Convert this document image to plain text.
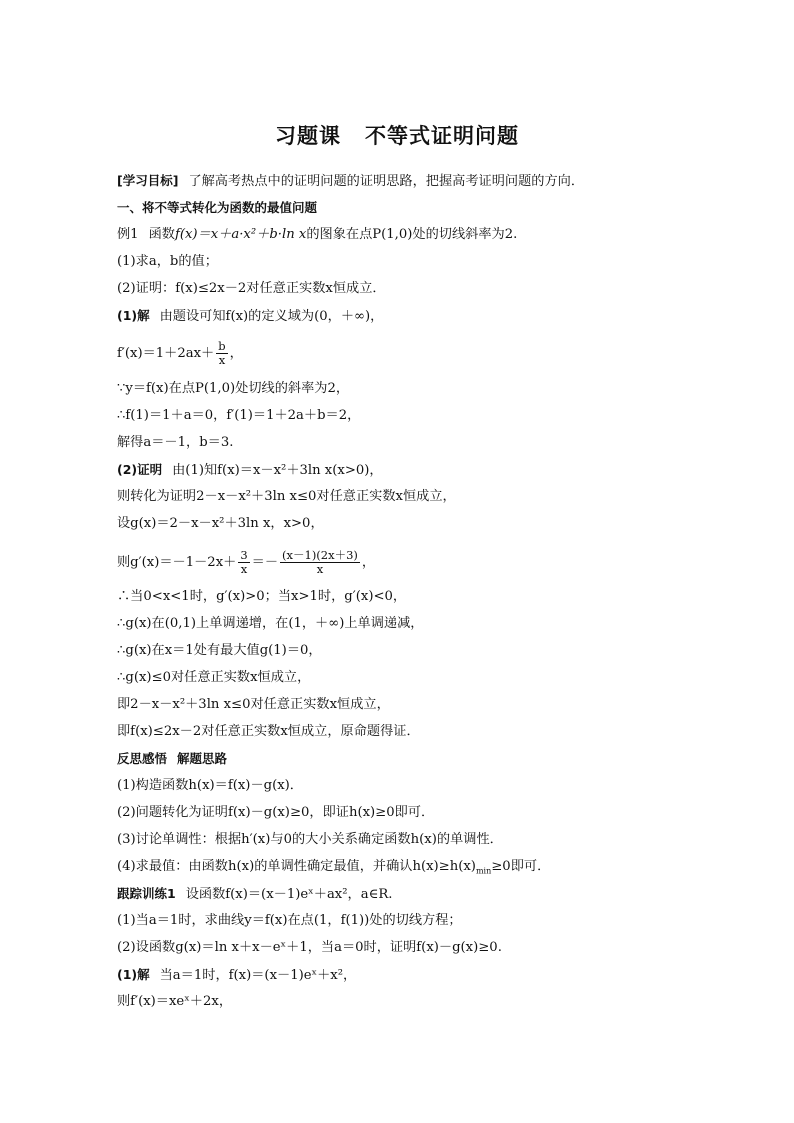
习题课 不等式证明问题
[学习目标] 了解高考热点中的证明问题的证明思路，把握高考证明问题的方向．
一、将不等式转化为函数的最值问题
例1 函数f(x)＝x＋a·x²＋b·ln x的图象在点P(1,0)处的切线斜率为2.
(1)求a，b的值；
(2)证明：f(x)≤2x－2对任意正实数x恒成立．
(1)解 由题设可知f(x)的定义域为(0，＋∞)，
$f'(x)=1+2ax+ \frac{b}{x}$ ，
∵y＝f(x)在点P(1,0)处切线的斜率为2，
∴f(1)＝1＋a＝0，f′(1)＝1＋2a＋b＝2，
解得a＝－1，b＝3.
(2)证明 由(1)知f(x)＝x－x²＋3ln x(x>0)，
则转化为证明2－x－x²＋3ln x≤0对任意正实数x恒成立，
设g(x)＝2－x－x²＋3ln x，x>0，
则$g'(x)=-1-2x+ \frac{3}{x} =- \frac{(x-1)(2x+3)}{x}$ ，
∴当0<x<1时，g′(x)>0；当x>1时，g′(x)<0，
∴g(x)在(0,1)上单调递增，在(1，＋∞)上单调递减，
∴g(x)在x＝1处有最大值g(1)＝0，
∴g(x)≤0对任意正实数x恒成立，
即2－x－x²＋3ln x≤0对任意正实数x恒成立，
即f(x)≤2x－2对任意正实数x恒成立，原命题得证．
反思感悟 解题思路
(1)构造函数h(x)＝f(x)－g(x)．
(2)问题转化为证明f(x)－g(x)≥0，即证h(x)≥0即可．
(3)讨论单调性：根据h′(x)与0的大小关系确定函数h(x)的单调性．
(4)求最值：由函数h(x)的单调性确定最值，并确认$h(x)\ge h(x)_{min}\ge 0$即可．
跟踪训练1 设函数f(x)＝(x－1)eˣ＋ax²，a∈R.
(1)当a＝1时，求曲线y＝f(x)在点(1，f(1))处的切线方程；
(2)设函数g(x)＝ln x＋x－eˣ＋1，当a＝0时，证明f(x)－g(x)≥0.
(1)解 当a＝1时，f(x)＝(x－1)eˣ＋x²，
则f′(x)＝xeˣ＋2x，
